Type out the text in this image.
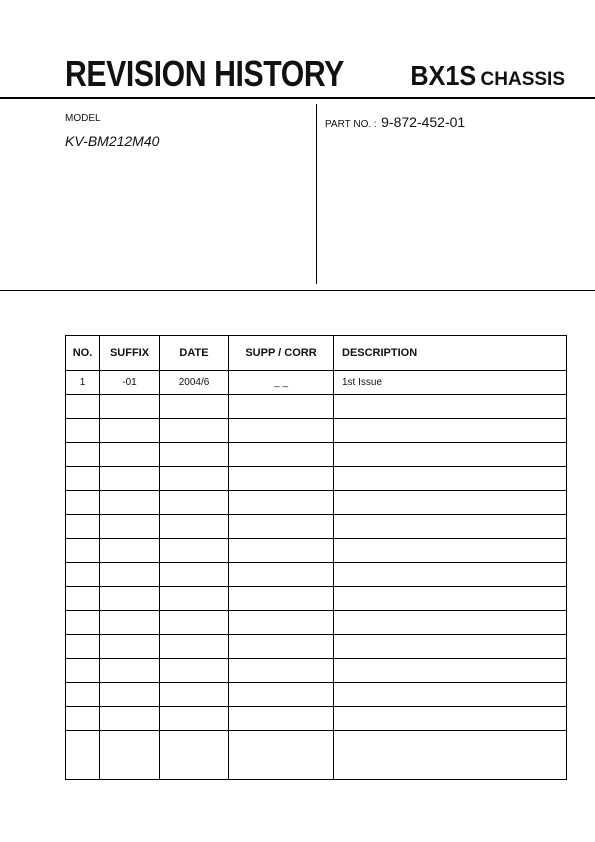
REVISION HISTORY BX1S CHASSIS
MODEL
KV-BM212M40
PART NO. : 9-872-452-01
NO.	SUFFIX	DATE	SUPP / CORR	DESCRIPTION
1	-01	2004/6	_ _	1st Issue
